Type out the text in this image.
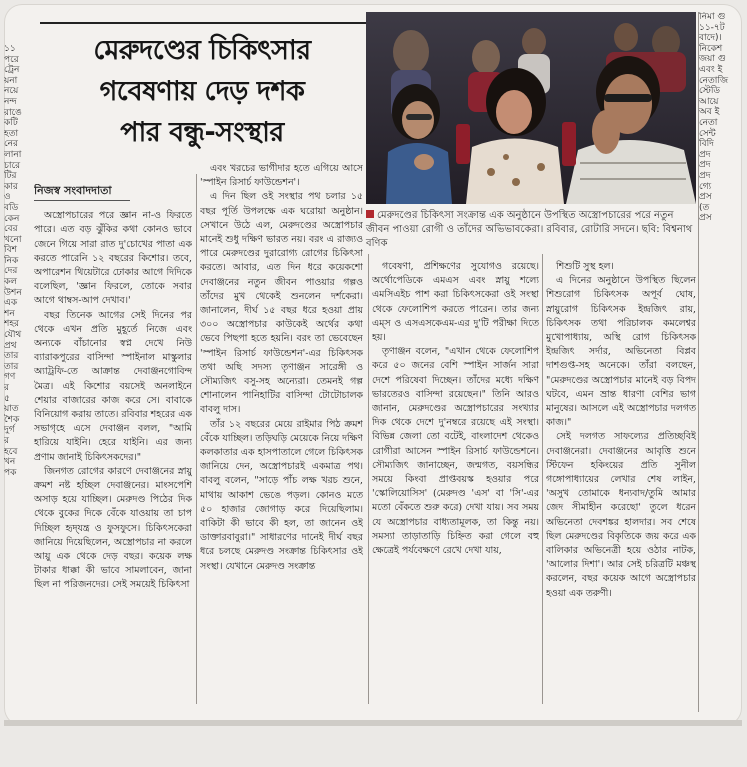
১১
পরে
ট্রেন
য়না
নয়ে
নন্দ
রাঙে
কটি
হতা
নের
লানা
চারে
টির
কার
ও
বডি
কেন
বের
খনো
বিশ
নিক
দের
কল
উশন
এক
শন
শহর
যৌথ
প্রথ
তার
তার
গণ
র
৫
য়াত
শৈক
দুর্গ
র
হবে
খন
পক
নিমা গু
১১-৭ট
বাদে)।
নিকেশ
জয়া গু
এবং ই
নেতাজি
স্টেডি
আয়ে
অব ই
নেতা
সেন্ট
বিদি
প্রদ
প্রদ
প্রদ
গ্যে
প্রস
(ত
প্রস
মেরুদণ্ডের চিকিৎসার
গবেষণায় দেড় দশক
পার বন্ধু-সংস্থার
মেরুদণ্ডের চিকিৎসা সংক্রান্ত এক অনুষ্ঠানে উপস্থিত অস্ত্রোপচারের পরে নতুন জীবন পাওয়া রোগী ও তাঁদের অভিভাবকেরা। রবিবার, রোটারি সদনে। ছবি: বিশ্বনাথ বণিক

নিজস্ব সংবাদদাতা

অস্ত্রোপচারের পরে জ্ঞান না-ও ফিরতে পারে। এত বড় ঝুঁকির কথা কোনও ভাবে জেনে গিয়ে সারা রাত দু'চোখের পাতা এক করতে পারেনি ১২ বছরের কিশোর। তবে, অপারেশন থিয়েটারে ঢোকার আগে দিদিকে বলেছিল, 'জ্ঞান ফিরলে, তোকে সবার আগে থাম্বস-আপ দেখাব।'

বছর তিনেক আগের সেই দিনের পর থেকে এখন প্রতি মুহূর্তে নিজে এবং অন্যকে বাঁচানোর স্বপ্ন দেখে নিউ ব্যারাকপুরের বাসিন্দা স্পাইনাল মাস্কুলার অ্যাট্রফি-তে আক্রান্ত দেবাঞ্জনগোবিন্দ মৈত্র। এই কিশোর বয়সেই অনলাইনে শেয়ার বাজারের কাজ করে সে। বাবাকে বিনিয়োগ করায় তাতে। রবিবার শহরের এক সভাগৃহে এসে দেবাঞ্জন বলল, "আমি হারিয়ে যাইনি। হেরে যাইনি। এর জন্য প্রণাম জানাই চিকিৎসকদের।"

জিনগত রোগের কারণে দেবাঞ্জনের স্নায়ু ক্রমশ নষ্ট হচ্ছিল দেবাঞ্জনের। মাংসপেশি অসাড় হয়ে যাচ্ছিল। মেরুদণ্ড পিঠের দিক থেকে বুকের দিকে বেঁকে যাওয়ায় তা চাপ দিচ্ছিল হৃদ্‌যন্ত্র ও ফুসফুসে। চিকিৎসকেরা জানিয়ে দিয়েছিলেন, অস্ত্রোপচার না করলে আয়ু এক থেকে দেড় বছর। কয়েক লক্ষ টাকার ধাক্কা কী ভাবে সামলাবেন, জানা ছিল না পরিজনদের। সেই সময়েই চিকিৎসা

এবং খরচের ভাগীদার হতে এগিয়ে আসে 'স্পাইন রিসার্চ ফাউন্ডেশন'।

এ দিন ছিল ওই সংস্থার পথ চলার ১৫ বছর পূর্তি উপলক্ষে এক ঘরোয়া অনুষ্ঠান। সেখানে উঠে এল, মেরুদণ্ডের অস্ত্রোপচার মানেই শুধু দক্ষিণ ভারত নয়। বরং এ রাজ্যও পারে মেরুদণ্ডের দুরারোগ্য রোগের চিকিৎসা করতে। আবার, এত দিন ধরে কয়েকশো দেবাঞ্জনের নতুন জীবন পাওয়ার গল্পও তাঁদের মুখ থেকেই শুনলেন দর্শকেরা। জানালেন, দীর্ঘ ১৫ বছর ধরে হওয়া প্রায় ৩০০ অস্ত্রোপচার কাউকেই অর্থের কথা ভেবে পিছপা হতে হয়নি। বরং তা ভেবেছেন 'স্পাইন রিসার্চ ফাউন্ডেশন'-এর চিকিৎসক তথা অছি সদস্য তৃণাঞ্জন সারেঙ্গী ও সৌম্যজিৎ বসু-সহ অন্যেরা। তেমনই গল্প শোনালেন পানিহাটির বাসিন্দা টোটোচালক বাবলু দাস।

তাঁর ১২ বছরের মেয়ে রাইমার পিঠ ক্রমশ বেঁকে যাচ্ছিল। তড়িঘড়ি মেয়েকে নিয়ে দক্ষিণ কলকাতার এক হাসপাতালে গেলে চিকিৎসক জানিয়ে দেন, অস্ত্রোপচারই একমাত্র পথ। বাবলু বলেন, "সাড়ে পাঁচ লক্ষ খরচ শুনে, মাথায় আকাশ ভেঙে পড়ল। কোনও মতে ৫০ হাজার জোগাড় করে দিয়েছিলাম। বাকিটা কী ভাবে কী হল, তা জানেন ওই ডাক্তারবাবুরা।" সাধারণের দানেই দীর্ঘ বছর ধরে চলছে মেরুদণ্ড সংক্রান্ত চিকিৎসার ওই সংস্থা। যেখানে মেরুদণ্ড সংক্রান্ত

গবেষণা, প্রশিক্ষণের সুযোগও রয়েছে। অর্থোপেডিকে এমএস এবং স্নায়ু শল্যে এমসিএইচ পাশ করা চিকিৎসকেরা ওই সংস্থা থেকে ফেলোশিপ করতে পারেন। তার জন্য এম্‌স ও এসএসকেএম-এর দু'টি পরীক্ষা দিতে হয়।

তৃণাঞ্জন বলেন, "এখান থেকে ফেলোশিপ করে ৫০ জনের বেশি স্পাইন সার্জন সারা দেশে পরিষেবা দিচ্ছেন। তাঁদের মধ্যে দক্ষিণ ভারতেরও বাসিন্দা রয়েছেন।" তিনি আরও জানান, মেরুদণ্ডের অস্ত্রোপচারের সংখ্যার দিক থেকে দেশে দু'নম্বরে রয়েছে এই সংস্থা। বিভিন্ন জেলা তো বটেই, বাংলাদেশ থেকেও রোগীরা আসেন স্পাইন রিসার্চ ফাউন্ডেশনে। সৌম্যজিৎ জানাচ্ছেন, জন্মগত, বয়সন্ধির সময়ে কিংবা প্রাপ্তবয়স্ক হওয়ার পরে 'স্কোলিয়োসিস' (মেরুদণ্ড 'এস' বা 'সি'-এর মতো বেঁকতে শুরু করে) দেখা যায়। সব সময় যে অস্ত্রোপচার বাধ্যতামূলক, তা কিন্তু নয়। সমস্যা তাড়াতাড়ি চিহ্নিত করা গেলে বহু ক্ষেত্রেই পর্যবেক্ষণে রেখে দেখা যায়,

শিশুটি সুস্থ হল।

এ দিনের অনুষ্ঠানে উপস্থিত ছিলেন শিশুরোগ চিকিৎসক অপূর্ব ঘোষ, স্নায়ুরোগ চিকিৎসক ইন্দ্রজিৎ রায়, চিকিৎসক তথা পরিচালক কমলেশ্বর মুখোপাধ্যায়, অস্থি রোগ চিকিৎসক ইন্দ্রজিৎ সর্দার, অভিনেতা বিপ্লব দাশগুপ্ত-সহ অনেকে। তাঁরা বলছেন, "মেরুদণ্ডের অস্ত্রোপচার মানেই বড় বিপদ ঘটবে, এমন ভ্রান্ত ধারণা বেশির ভাগ মানুষের। আসলে এই অস্ত্রোপচার দলগত কাজ।"

সেই দলগত সাফল্যের প্রতিচ্ছবিই দেবাঞ্জনেরা। দেবাঞ্জনের আবৃত্তি শুনে স্টিফেন হকিংয়ের প্রতি সুনীল গঙ্গোপাধ্যায়ের লেখার শেষ লাইন, 'অসুখ তোমাকে ধন্যবাদ/তুমি আমার জেদ সীমাহীন করেছো' তুলে ধরেন অভিনেতা দেবশঙ্কর হালদার। সব শেষে ছিল মেরুদণ্ডের বিকৃতিকে জয় করে এক বালিকার অভিনেত্রী হয়ে ওঠার নাটক, 'আলোর দিশা'। আর সেই চরিত্রটি মঞ্চস্থ করলেন, বছর কয়েক আগে অস্ত্রোপচার হওয়া এক তরুণী।
